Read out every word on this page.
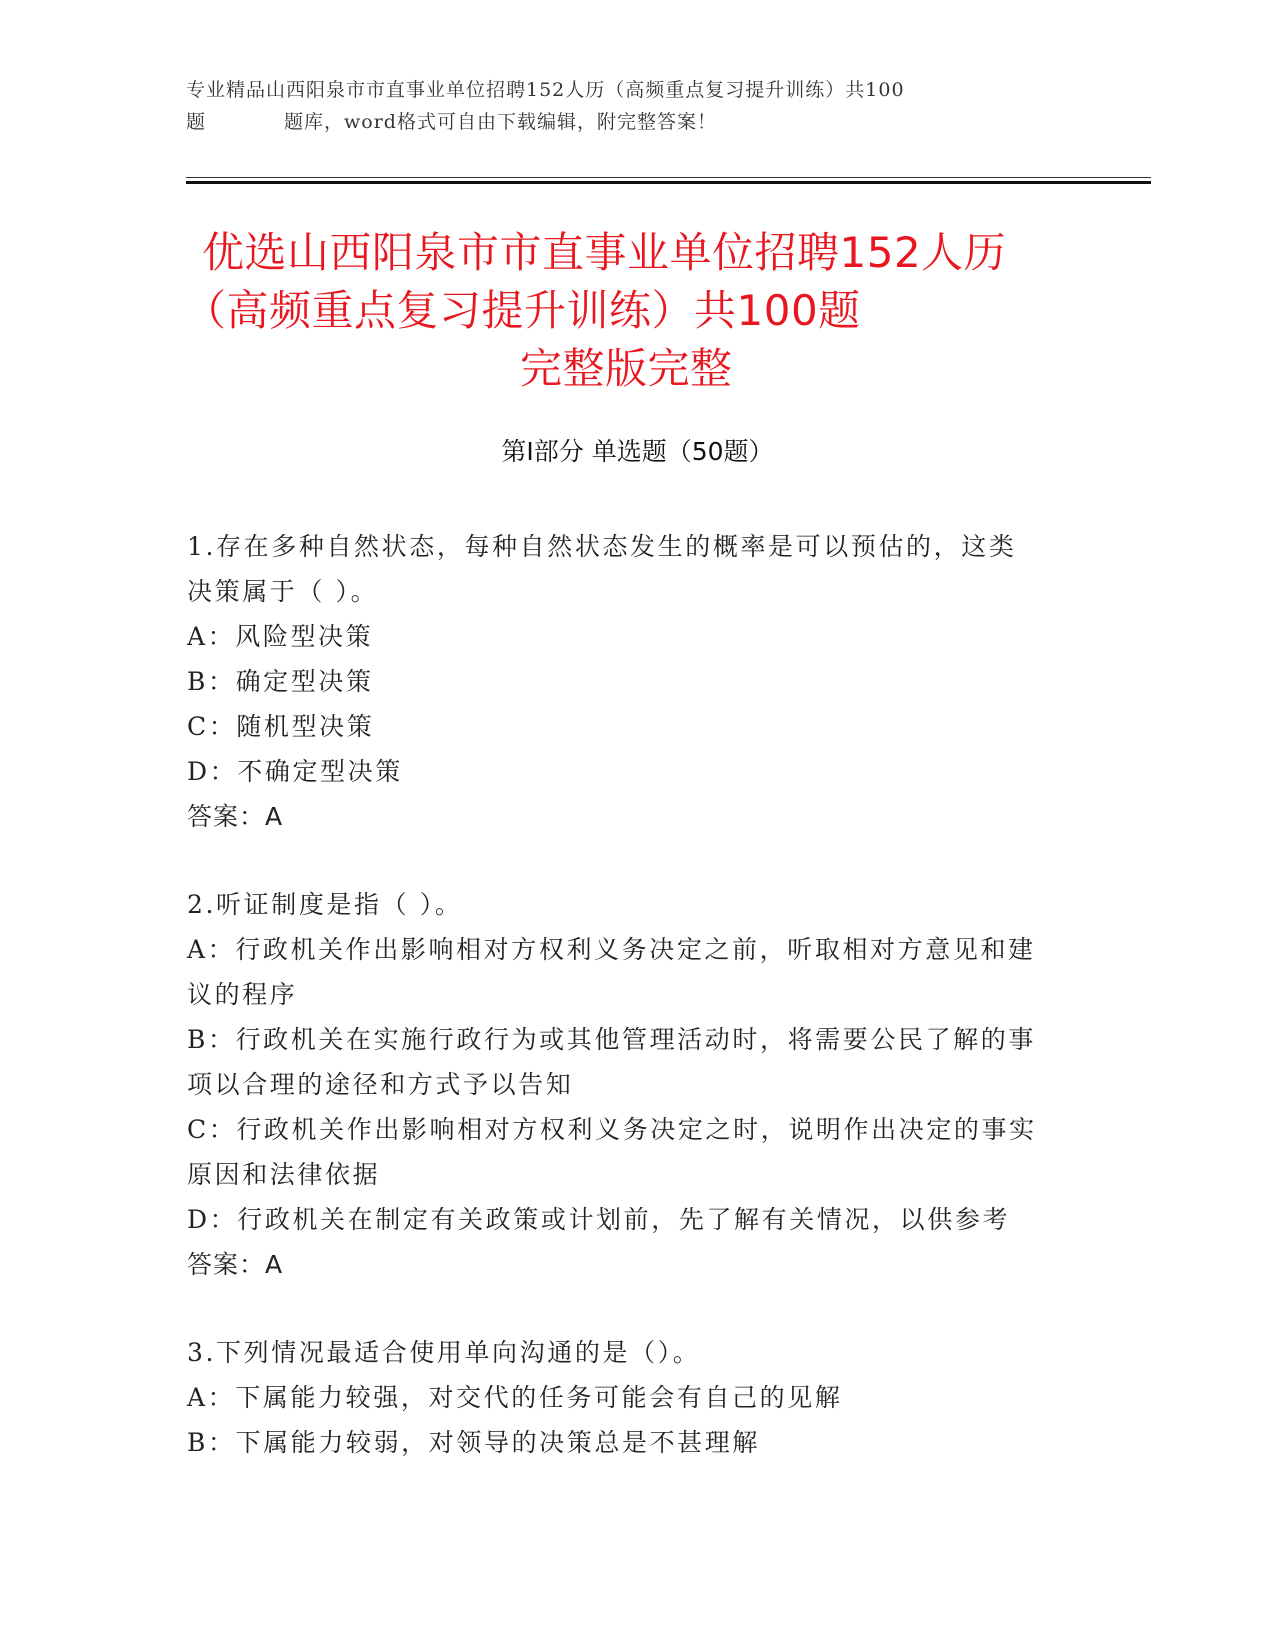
专业精品山西阳泉市市直事业单位招聘152人历（高频重点复习提升训练）共100
题	题库，word格式可自由下载编辑，附完整答案！
优选山西阳泉市市直事业单位招聘152人历
（高频重点复习提升训练）共100题
完整版完整
第I部分 单选题（50题）
1.存在多种自然状态，每种自然状态发生的概率是可以预估的，这类
决策属于（ ）。
A：风险型决策
B：确定型决策
C：随机型决策
D：不确定型决策
答案：A
2.听证制度是指（ ）。
A：行政机关作出影响相对方权利义务决定之前，听取相对方意见和建
议的程序
B：行政机关在实施行政行为或其他管理活动时，将需要公民了解的事
项以合理的途径和方式予以告知
C：行政机关作出影响相对方权利义务决定之时，说明作出决定的事实
原因和法律依据
D：行政机关在制定有关政策或计划前，先了解有关情况，以供参考
答案：A
3.下列情况最适合使用单向沟通的是（）。
A：下属能力较强，对交代的任务可能会有自己的见解
B：下属能力较弱，对领导的决策总是不甚理解
